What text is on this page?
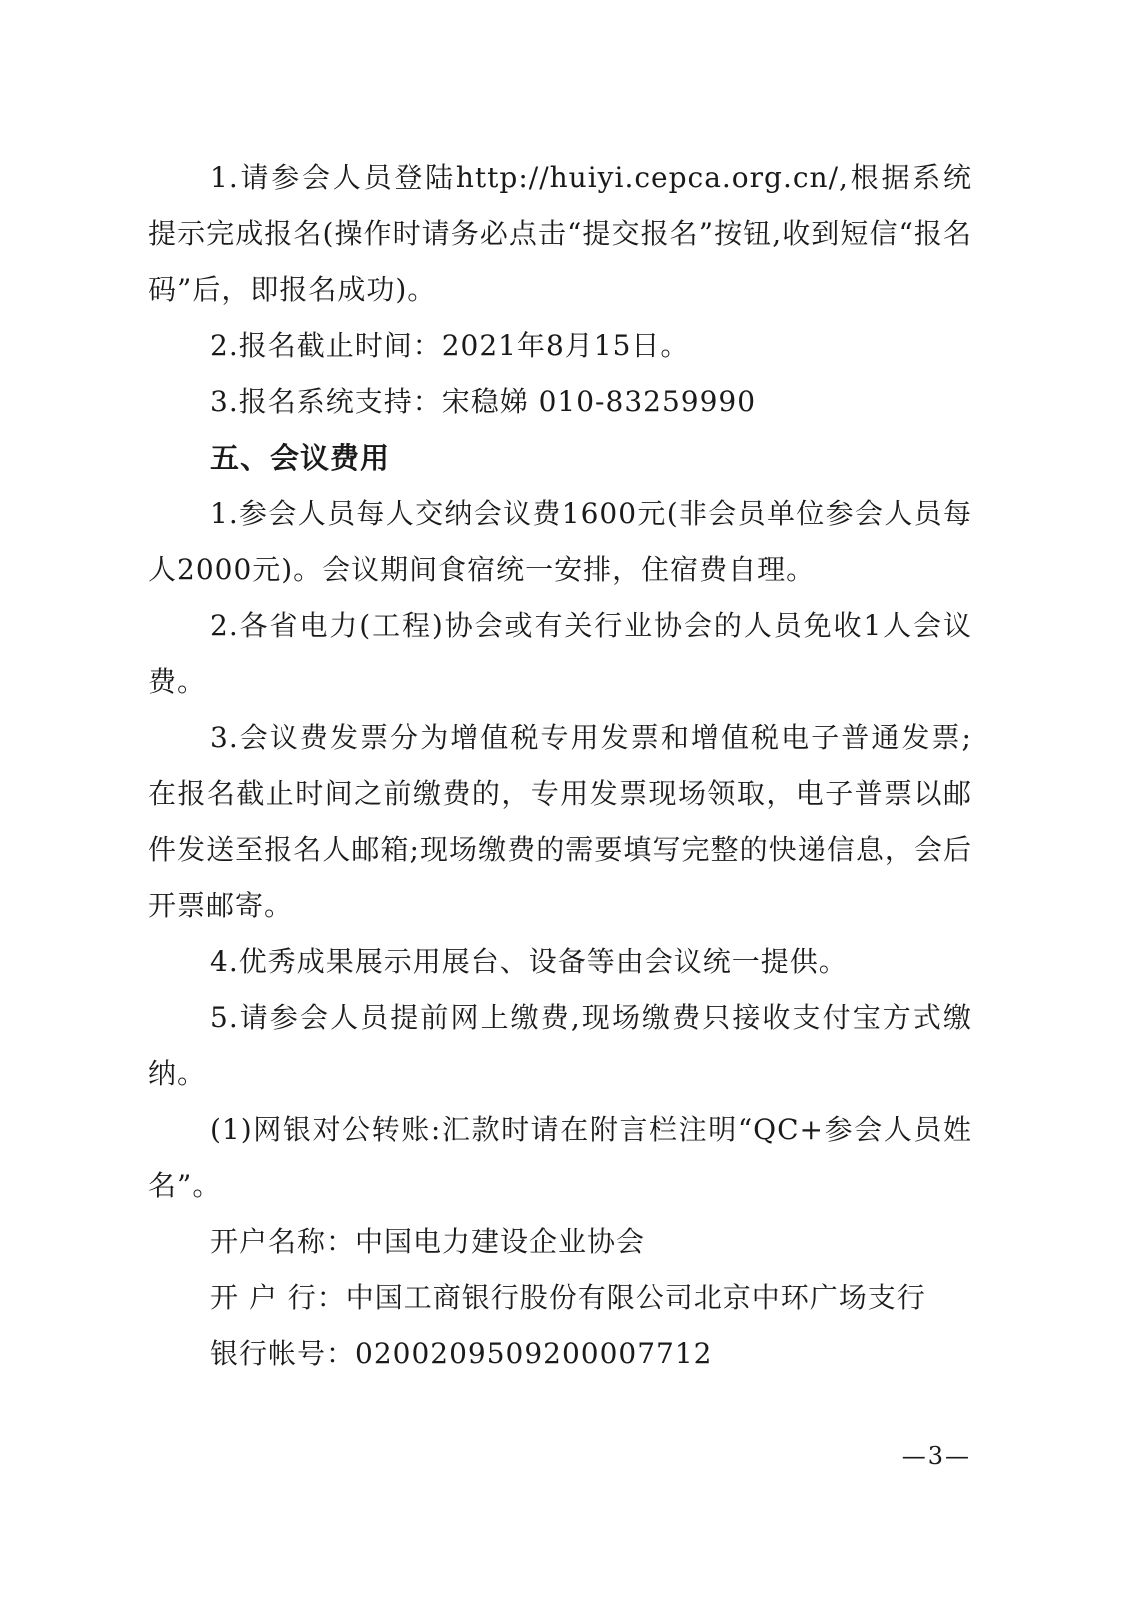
1.请参会人员登陆http://huiyi.cepca.org.cn/,根据系统提示完成报名(操作时请务必点击“提交报名”按钮,收到短信“报名码”后，即报名成功)。

2.报名截止时间：2021年8月15日。

3.报名系统支持：宋稳娣 010-83259990

五、会议费用

1.参会人员每人交纳会议费1600元(非会员单位参会人员每人2000元)。会议期间食宿统一安排，住宿费自理。

2.各省电力(工程)协会或有关行业协会的人员免收1人会议费。

3.会议费发票分为增值税专用发票和增值税电子普通发票;在报名截止时间之前缴费的，专用发票现场领取，电子普票以邮件发送至报名人邮箱;现场缴费的需要填写完整的快递信息，会后开票邮寄。

4.优秀成果展示用展台、设备等由会议统一提供。

5.请参会人员提前网上缴费,现场缴费只接收支付宝方式缴纳。

(1)网银对公转账:汇款时请在附言栏注明“QC+参会人员姓名”。

开户名称：中国电力建设企业协会

开 户 行：中国工商银行股份有限公司北京中环广场支行

银行帐号：0200209509200007712

—3—
